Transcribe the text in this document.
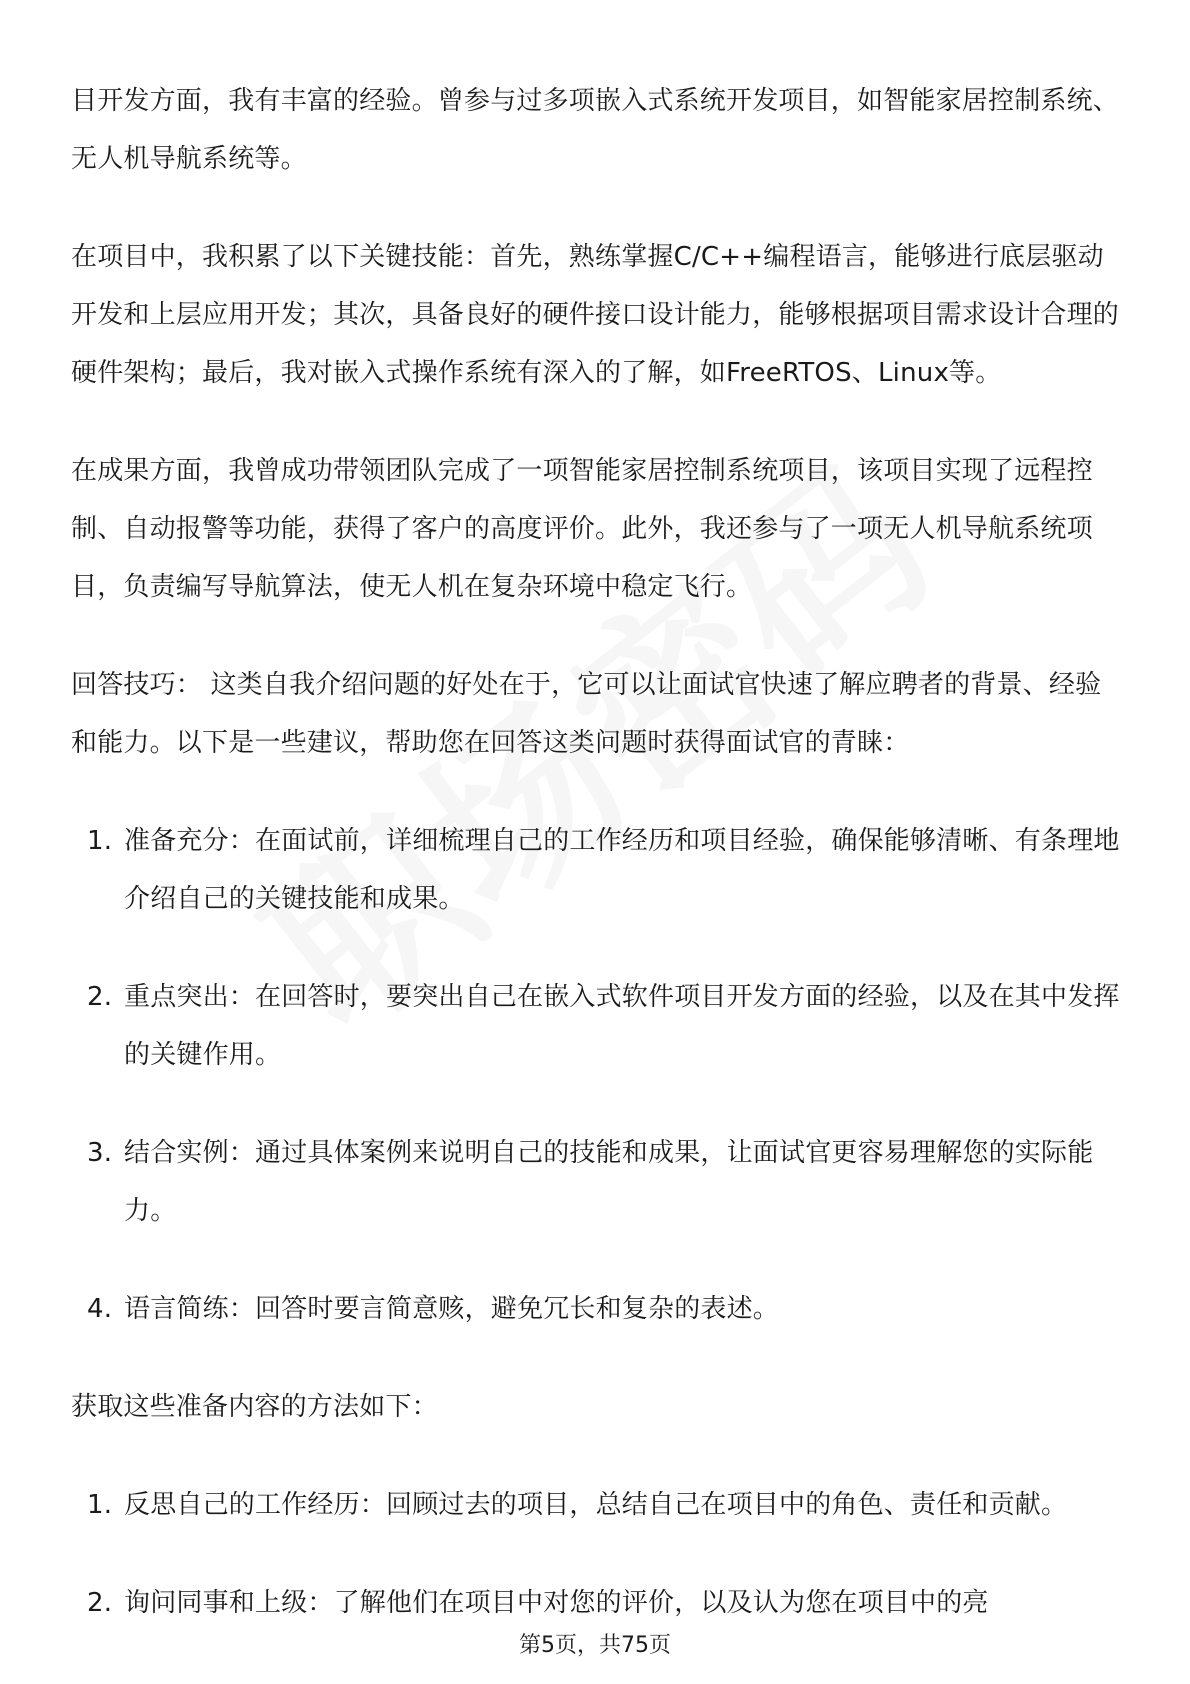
目开发方面，我有丰富的经验。曾参与过多项嵌入式系统开发项目，如智能家居控制系统、无人机导航系统等。

在项目中，我积累了以下关键技能：首先，熟练掌握C/C++编程语言，能够进行底层驱动开发和上层应用开发；其次，具备良好的硬件接口设计能力，能够根据项目需求设计合理的硬件架构；最后，我对嵌入式操作系统有深入的了解，如FreeRTOS、Linux等。

在成果方面，我曾成功带领团队完成了一项智能家居控制系统项目，该项目实现了远程控制、自动报警等功能，获得了客户的高度评价。此外，我还参与了一项无人机导航系统项目，负责编写导航算法，使无人机在复杂环境中稳定飞行。

回答技巧： 这类自我介绍问题的好处在于，它可以让面试官快速了解应聘者的背景、经验和能力。以下是一些建议，帮助您在回答这类问题时获得面试官的青睐：

1. 准备充分：在面试前，详细梳理自己的工作经历和项目经验，确保能够清晰、有条理地介绍自己的关键技能和成果。
2. 重点突出：在回答时，要突出自己在嵌入式软件项目开发方面的经验，以及在其中发挥的关键作用。
3. 结合实例：通过具体案例来说明自己的技能和成果，让面试官更容易理解您的实际能力。
4. 语言简练：回答时要言简意赅，避免冗长和复杂的表述。

获取这些准备内容的方法如下：

1. 反思自己的工作经历：回顾过去的项目，总结自己在项目中的角色、责任和贡献。
2. 询问同事和上级：了解他们在项目中对您的评价，以及认为您在项目中的亮
第5页，共75页
